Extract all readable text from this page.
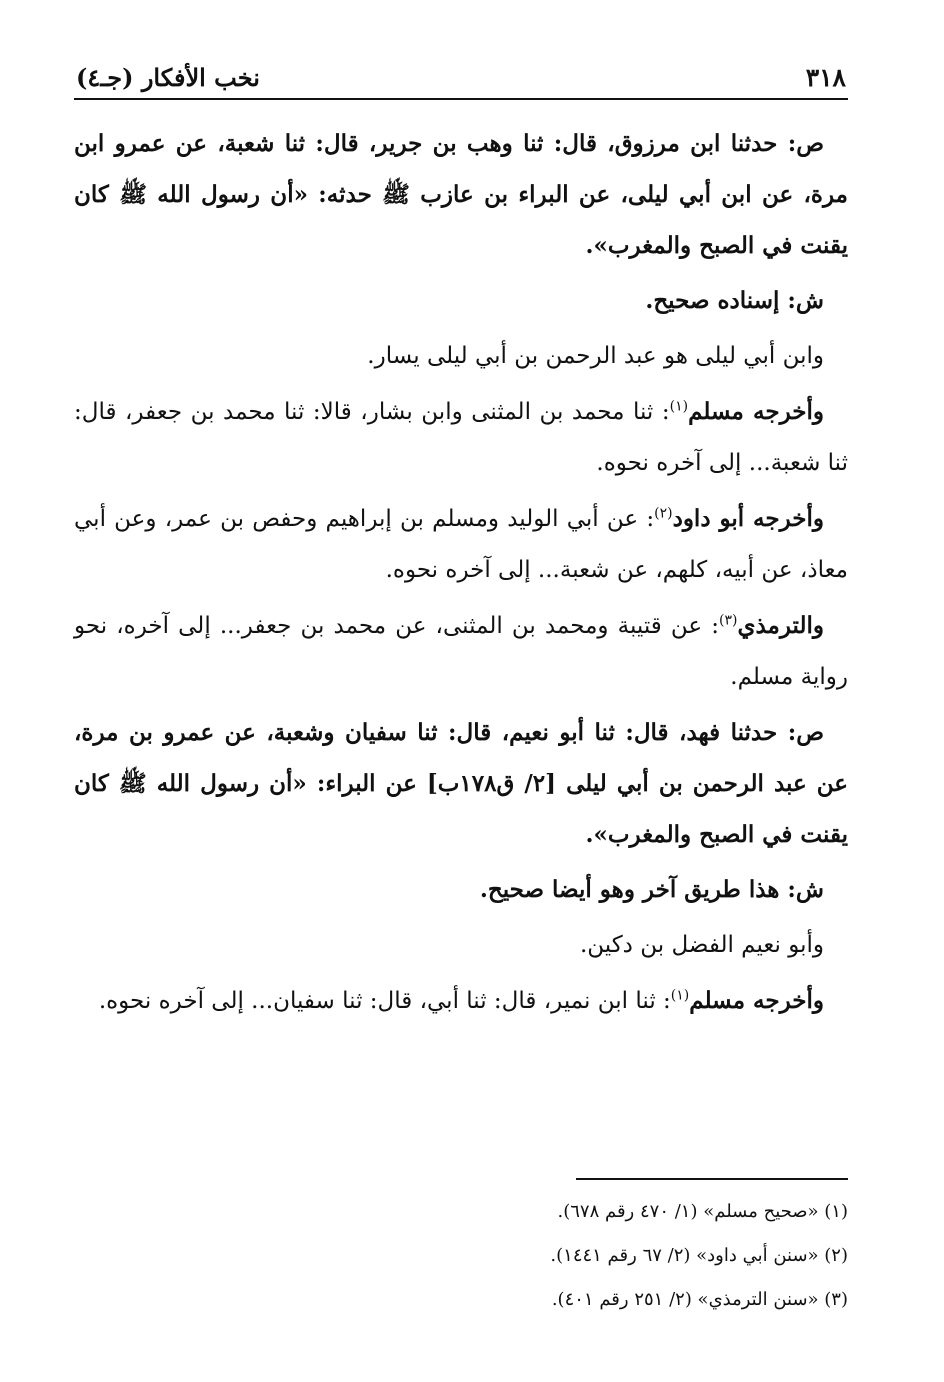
٣١٨
نخب الأفكار (جـ٤)

ص: حدثنا ابن مرزوق، قال: ثنا وهب بن جرير، قال: ثنا شعبة، عن عمرو ابن مرة، عن ابن أبي ليلى، عن البراء بن عازب ﷺ حدثه: «أن رسول الله ﷺ كان يقنت في الصبح والمغرب».

ش: إسناده صحيح.

وابن أبي ليلى هو عبد الرحمن بن أبي ليلى يسار.

وأخرجه مسلم$^{(١)}$: ثنا محمد بن المثنى وابن بشار، قالا: ثنا محمد بن جعفر، قال: ثنا شعبة... إلى آخره نحوه.

وأخرجه أبو داود$^{(٢)}$: عن أبي الوليد ومسلم بن إبراهيم وحفص بن عمر، وعن أبي معاذ، عن أبيه، كلهم، عن شعبة... إلى آخره نحوه.

والترمذي$^{(٣)}$: عن قتيبة ومحمد بن المثنى، عن محمد بن جعفر... إلى آخره، نحو رواية مسلم.

ص: حدثنا فهد، قال: ثنا أبو نعيم، قال: ثنا سفيان وشعبة، عن عمرو بن مرة، عن عبد الرحمن بن أبي ليلى [٢/ ق١٧٨ب] عن البراء: «أن رسول الله ﷺ كان يقنت في الصبح والمغرب».

ش: هذا طريق آخر وهو أيضا صحيح.

وأبو نعيم الفضل بن دكين.

وأخرجه مسلم$^{(١)}$: ثنا ابن نمير، قال: ثنا أبي، قال: ثنا سفيان... إلى آخره نحوه.

(١) «صحيح مسلم» (١/ ٤٧٠ رقم ٦٧٨).

(٢) «سنن أبي داود» (٢/ ٦٧ رقم ١٤٤١).

(٣) «سنن الترمذي» (٢/ ٢٥١ رقم ٤٠١).
